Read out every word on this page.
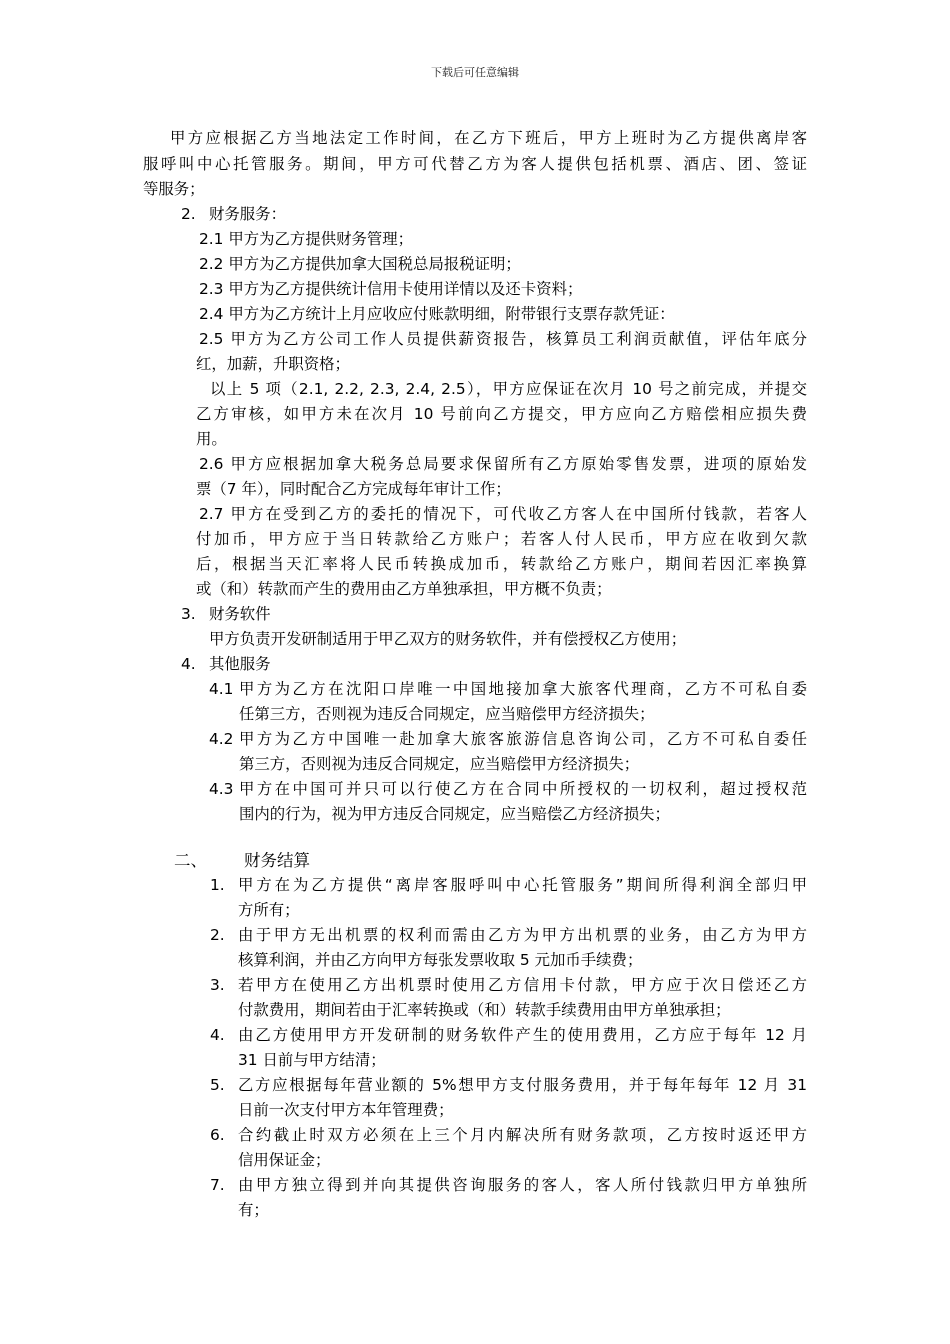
下载后可任意编辑
甲方应根据乙方当地法定工作时间，在乙方下班后，甲方上班时为乙方提供离岸客
服呼叫中心托管服务。期间，甲方可代替乙方为客人提供包括机票、酒店、团、签证
等服务；
2. 财务服务：
2.1 甲方为乙方提供财务管理；
2.2 甲方为乙方提供加拿大国税总局报税证明；
2.3 甲方为乙方提供统计信用卡使用详情以及还卡资料；
2.4 甲方为乙方统计上月应收应付账款明细，附带银行支票存款凭证：
2.5 甲方为乙方公司工作人员提供薪资报告，核算员工利润贡献值，评估年底分
红，加薪，升职资格；
以上 5 项（2.1, 2.2, 2.3, 2.4, 2.5），甲方应保证在次月 10 号之前完成，并提交
乙方审核，如甲方未在次月 10 号前向乙方提交，甲方应向乙方赔偿相应损失费
用。
2.6 甲方应根据加拿大税务总局要求保留所有乙方原始零售发票，进项的原始发
票（7 年），同时配合乙方完成每年审计工作；
2.7 甲方在受到乙方的委托的情况下，可代收乙方客人在中国所付钱款，若客人
付加币，甲方应于当日转款给乙方账户；若客人付人民币，甲方应在收到欠款
后，根据当天汇率将人民币转换成加币，转款给乙方账户，期间若因汇率换算
或（和）转款而产生的费用由乙方单独承担，甲方概不负责；
3. 财务软件
甲方负责开发研制适用于甲乙双方的财务软件，并有偿授权乙方使用；
4. 其他服务
4.1 甲方为乙方在沈阳口岸唯一中国地接加拿大旅客代理商，乙方不可私自委
任第三方，否则视为违反合同规定，应当赔偿甲方经济损失；
4.2 甲方为乙方中国唯一赴加拿大旅客旅游信息咨询公司，乙方不可私自委任
第三方，否则视为违反合同规定，应当赔偿甲方经济损失；
4.3 甲方在中国可并只可以行使乙方在合同中所授权的一切权利，超过授权范
围内的行为，视为甲方违反合同规定，应当赔偿乙方经济损失；
二、 财务结算
1. 甲方在为乙方提供“离岸客服呼叫中心托管服务”期间所得利润全部归甲
方所有；
2. 由于甲方无出机票的权利而需由乙方为甲方出机票的业务，由乙方为甲方
核算利润，并由乙方向甲方每张发票收取 5 元加币手续费；
3. 若甲方在使用乙方出机票时使用乙方信用卡付款，甲方应于次日偿还乙方
付款费用，期间若由于汇率转换或（和）转款手续费用由甲方单独承担；
4. 由乙方使用甲方开发研制的财务软件产生的使用费用，乙方应于每年 12 月
31 日前与甲方结清；
5. 乙方应根据每年营业额的 5%想甲方支付服务费用，并于每年每年 12 月 31
日前一次支付甲方本年管理费；
6. 合约截止时双方必须在上三个月内解决所有财务款项，乙方按时返还甲方
信用保证金；
7. 由甲方独立得到并向其提供咨询服务的客人，客人所付钱款归甲方单独所
有；
